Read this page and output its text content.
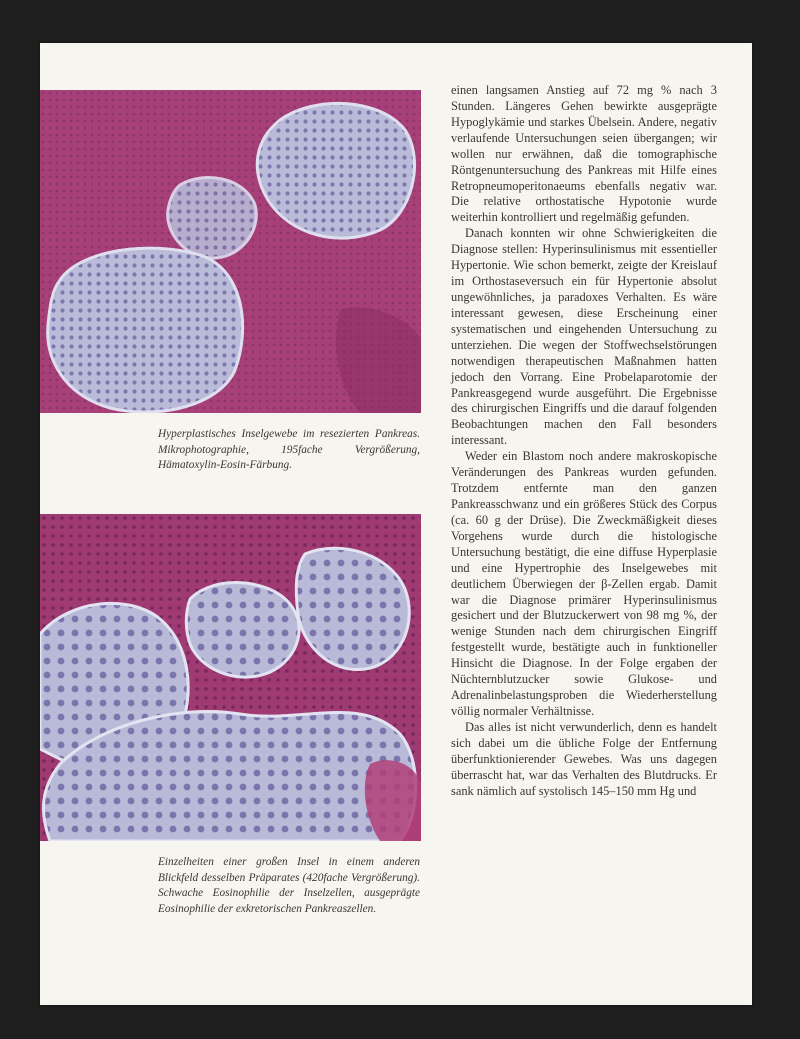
Hyperplastisches Inselgewebe im resezierten Pankreas. Mikrophotographie, 195fache Vergrößerung, Hämatoxylin-Eosin-Färbung.
Einzelheiten einer großen Insel in einem anderen Blickfeld desselben Präparates (420fache Vergrößerung). Schwache Eosinophilie der Inselzellen, ausgeprägte Eosinophilie der exkretorischen Pankreaszellen.

einen langsamen Anstieg auf 72 mg % nach 3 Stunden. Längeres Gehen bewirkte ausgeprägte Hypoglykämie und starkes Übelsein. Andere, negativ verlaufende Untersuchungen seien übergangen; wir wollen nur erwähnen, daß die tomographische Röntgenuntersuchung des Pankreas mit Hilfe eines Retropneumoperitonaeums ebenfalls negativ war. Die relative orthostatische Hypotonie wurde weiterhin kontrolliert und regelmäßig gefunden.

Danach konnten wir ohne Schwierigkeiten die Diagnose stellen: Hyperinsulinismus mit essentieller Hypertonie. Wie schon bemerkt, zeigte der Kreislauf im Orthostaseversuch ein für Hypertonie absolut ungewöhnliches, ja paradoxes Verhalten. Es wäre interessant gewesen, diese Erscheinung einer systematischen und eingehenden Untersuchung zu unterziehen. Die wegen der Stoffwechselstörungen notwendigen therapeutischen Maßnahmen hatten jedoch den Vorrang. Eine Probelaparotomie der Pankreasgegend wurde ausgeführt. Die Ergebnisse des chirurgischen Eingriffs und die darauf folgenden Beobachtungen machen den Fall besonders interessant.

Weder ein Blastom noch andere makroskopische Veränderungen des Pankreas wurden gefunden. Trotzdem entfernte man den ganzen Pankreasschwanz und ein größeres Stück des Corpus (ca. 60 g der Drüse). Die Zweckmäßigkeit dieses Vorgehens wurde durch die histologische Untersuchung bestätigt, die eine diffuse Hyperplasie und eine Hypertrophie des Inselgewebes mit deutlichem Überwiegen der β-Zellen ergab. Damit war die Diagnose primärer Hyperinsulinismus gesichert und der Blutzuckerwert von 98 mg %, der wenige Stunden nach dem chirurgischen Eingriff festgestellt wurde, bestätigte auch in funktioneller Hinsicht die Diagnose. In der Folge ergaben der Nüchternblutzucker sowie Glukose- und Adrenalinbelastungsproben die Wiederherstellung völlig normaler Verhältnisse.

Das alles ist nicht verwunderlich, denn es handelt sich dabei um die übliche Folge der Entfernung überfunktionierender Gewebes. Was uns dagegen überrascht hat, war das Verhalten des Blutdrucks. Er sank nämlich auf systolisch 145–150 mm Hg und
